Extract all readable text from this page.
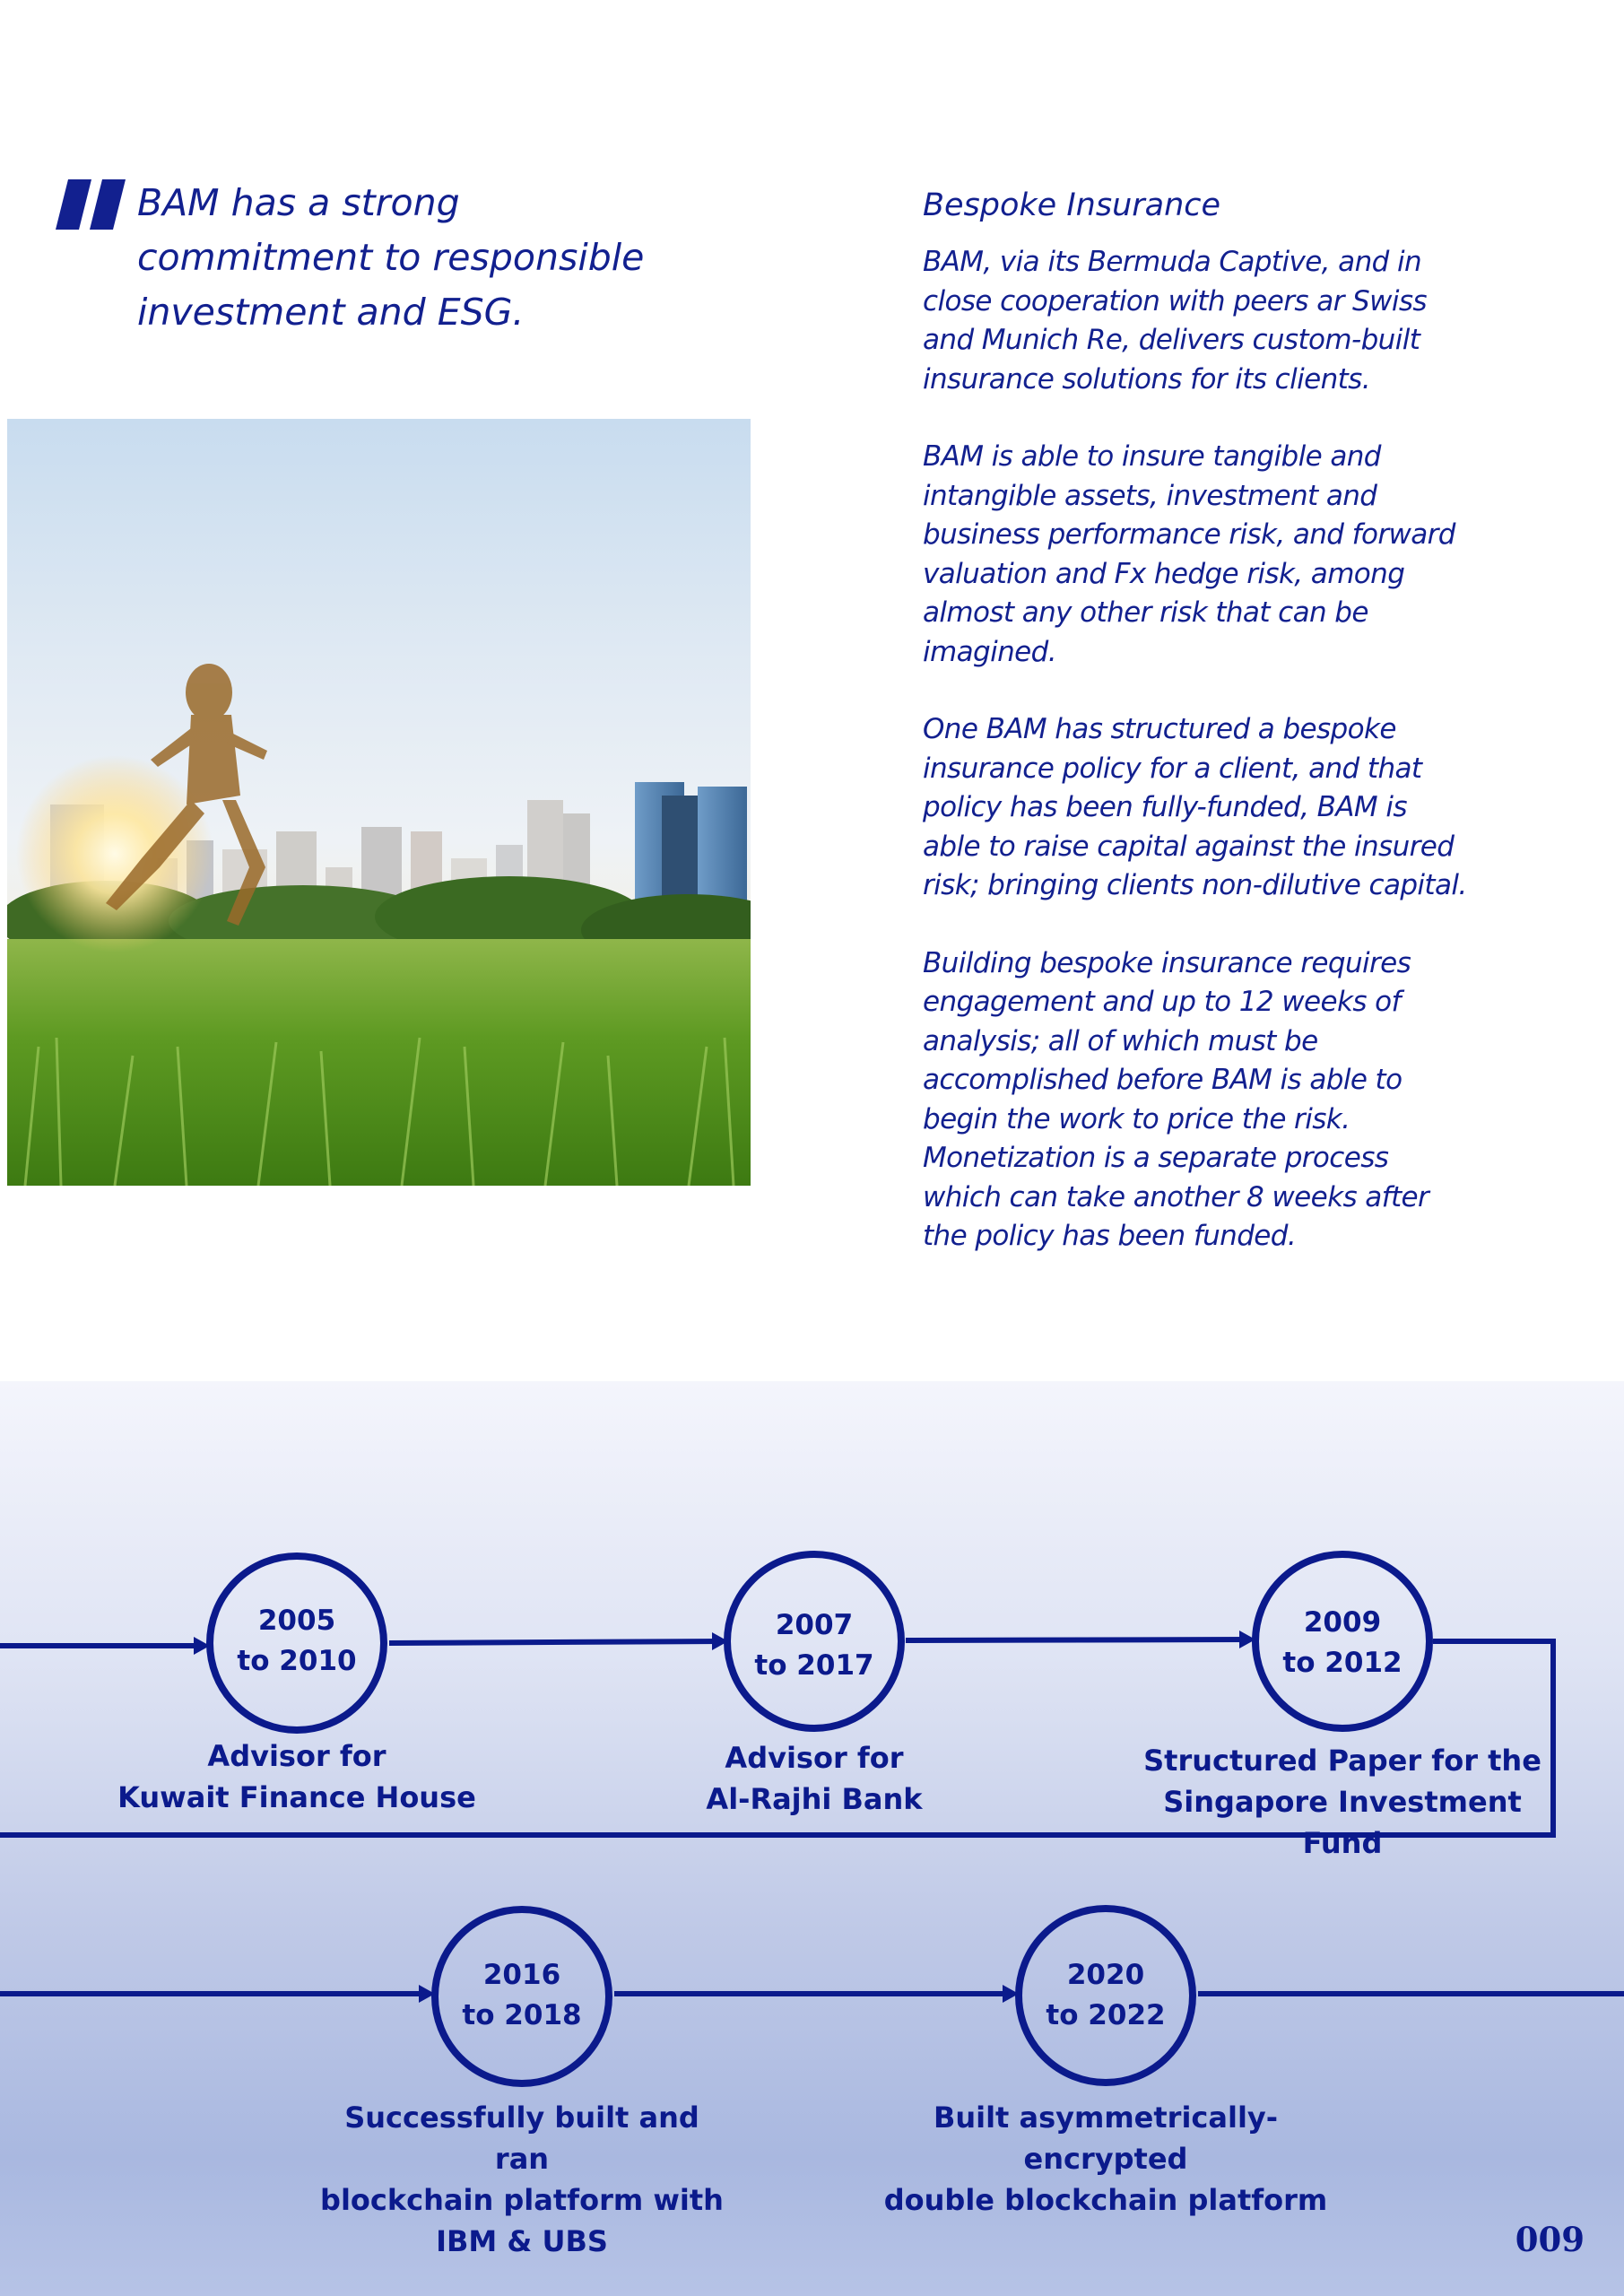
BAM has a strong
commitment to responsible
investment and ESG.
Bespoke Insurance

BAM, via its Bermuda Captive, and in
close cooperation with peers ar Swiss
and Munich Re, delivers custom-built
insurance solutions for its clients.

BAM is able to insure tangible and
intangible assets, investment and
business performance risk, and forward
valuation and Fx hedge risk, among
almost any other risk that can be
imagined.

One BAM has structured a bespoke
insurance policy for a client, and that
policy has been fully-funded, BAM is
able to raise capital against the insured
risk; bringing clients non-dilutive capital.

Building bespoke insurance requires
engagement and up to 12 weeks of
analysis; all of which must be
accomplished before BAM is able to
begin the work to price the risk.
Monetization is a separate process
which can take another 8 weeks after
the policy has been funded.

2005
to 2010
Advisor for
Kuwait Finance House
2007
to 2017
Advisor for
Al-Rajhi Bank
2009
to 2012
Structured Paper for the
Singapore Investment Fund
2016
to 2018
Successfully built and ran
blockchain platform with
IBM & UBS
2020
to 2022
Built asymmetrically-encrypted
double blockchain platform
009
